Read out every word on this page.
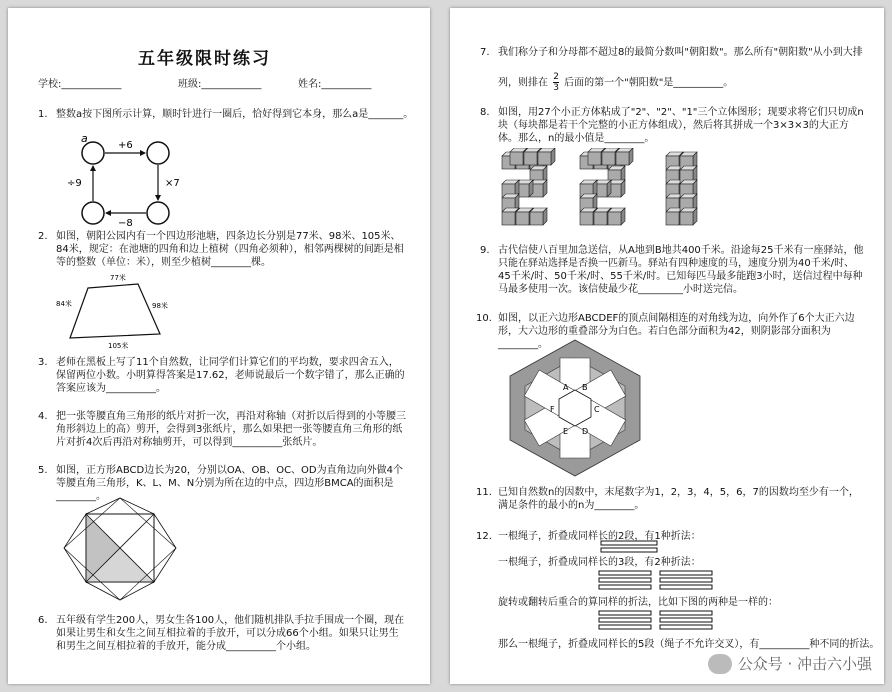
五年级限时练习
学校:____________	班级:____________	姓名:__________
1. 整数a按下图所示计算，顺时针进行一圈后，恰好得到它本身，那么a是_______。
a
+6
×7
−8
÷9
2. 如图，朝阳公园内有一个四边形池塘，四条边长分别是77米、98米、105米、84米，规定：在池塘的四角和边上植树（四角必须种），相邻两棵树的间距是相等的整数（单位：米），则至少植树________棵。
77米
84米	98米
105米
3. 老师在黑板上写了11个自然数，让同学们计算它们的平均数，要求四舍五入，保留两位小数。小明算得答案是17.62，老师说最后一个数字错了，那么正确的答案应该为__________。
4. 把一张等腰直角三角形的纸片对折一次，再沿对称轴（对折以后得到的小等腰三角形斜边上的高）剪开，会得到3张纸片，那么如果把一张等腰直角三角形的纸片对折4次后再沿对称轴剪开，可以得到__________张纸片。
5. 如图，正方形ABCD边长为20，分别以OA、OB、OC、OD为直角边向外做4个等腰直角三角形，K、L、M、N分别为所在边的中点，四边形BMCA的面积是________。
6. 五年级有学生200人，男女生各100人，他们随机排队手拉手围成一个圈，现在如果让男生和女生之间互相拉着的手放开，可以分成66个小组。如果只让男生和男生之间互相拉着的手放开，能分成__________个小组。
7. 我们称分子和分母都不超过8的最简分数叫"朝阳数"。那么所有"朝阳数"从小到大排
列，则排在 $\frac{2}{3}$ 后面的第一个"朝阳数"是__________。
8. 如图，用27个小正方体粘成了"2"、"2"、"1"三个立体图形；现要求将它们只切成n块（每块都是若干个完整的小正方体组成），然后将其拼成一个3×3×3的大正方体。那么，n的最小值是________。
9. 古代信使八百里加急送信，从A地到B地共400千米。沿途每25千米有一座驿站，他只能在驿站选择是否换一匹新马。驿站有四种速度的马，速度分别为40千米/时、45千米/时、50千米/时、55千米/时。已知每匹马最多能跑3小时，送信过程中每种马最多使用一次。该信使最少花_________小时送完信。
10. 如图，以正六边形ABCDEF的顶点间隔相连的对角线为边，向外作了6个大正六边形，大六边形的重叠部分为白色。若白色部分面积为42，则阴影部分面积为________。
A B
C
D
E
F
11. 已知自然数n的因数中，末尾数字为1，2，3，4，5，6，7的因数均至少有一个，满足条件的最小的n为________。
12. 一根绳子，折叠成同样长的2段，有1种折法：
一根绳子，折叠成同样长的3段，有2种折法：
旋转或翻转后重合的算同样的折法，比如下图的两种是一样的：
那么一根绳子，折叠成同样长的5段（绳子不允许交叉），有__________种不同的折法。
公众号 · 冲击六小强
